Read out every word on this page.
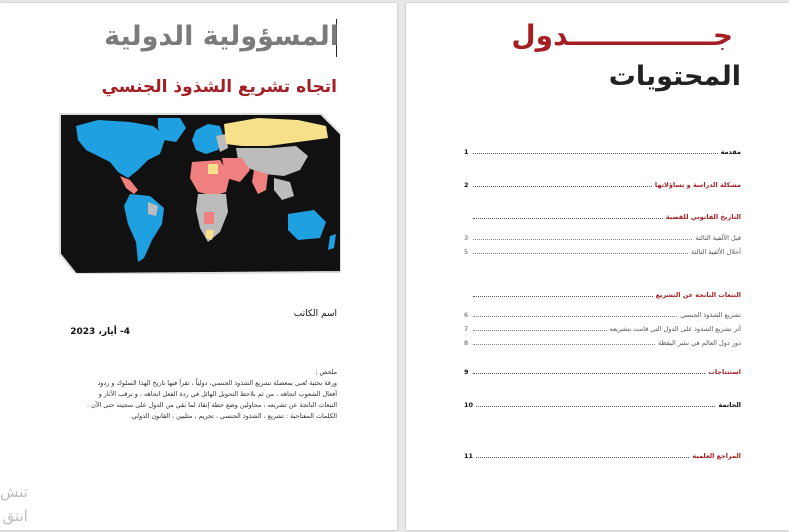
المسؤولية الدولية
اتجاه تشريع الشذوذ الجنسي
اسم الكاتب
4- أيار، 2023

ملخص :

ورقة بحثية تُعنى بمعضلة تشريع الشذوذ الجنسي، دولياً ، تقرأ فيها تاريخ الهذا السلوك و ردود

أفعال الشعوب اتجاهه ، من ثم نلاحظ التحويل الهائل في ردة الفعل اتجاهه ، و نرقب الآثار و

التبعات الناتجة عن تشريعه ، محاولين وضع خطة إنقاذ لما بقي من الدول على سجيته حتى الآن .

الكلمات المفتاحية : تشريع ، الشذوذ الجنسي ، تجريم ، مثليين ، القانون الدولي.

تنش
انتق
جـــــــــــــــدول
المحتويات
مقدمة
1
مشكلة الدراسة و تساؤلاتها
2
التاريخ القانوني للقضية
قبل الألفية الثالثة
3
أحلال الألفية الثالثة
5
التبعات الناتجة عن التشريع
تشريع الشذوذ الجنسي
6
أثر تشريع الشذوذ على الدول التي قامت بتشريعه
7
دور دول العالم في نشر اليقظة
8
استنتاجات
9
الخاتمة
10
المراجع العلمية
11
